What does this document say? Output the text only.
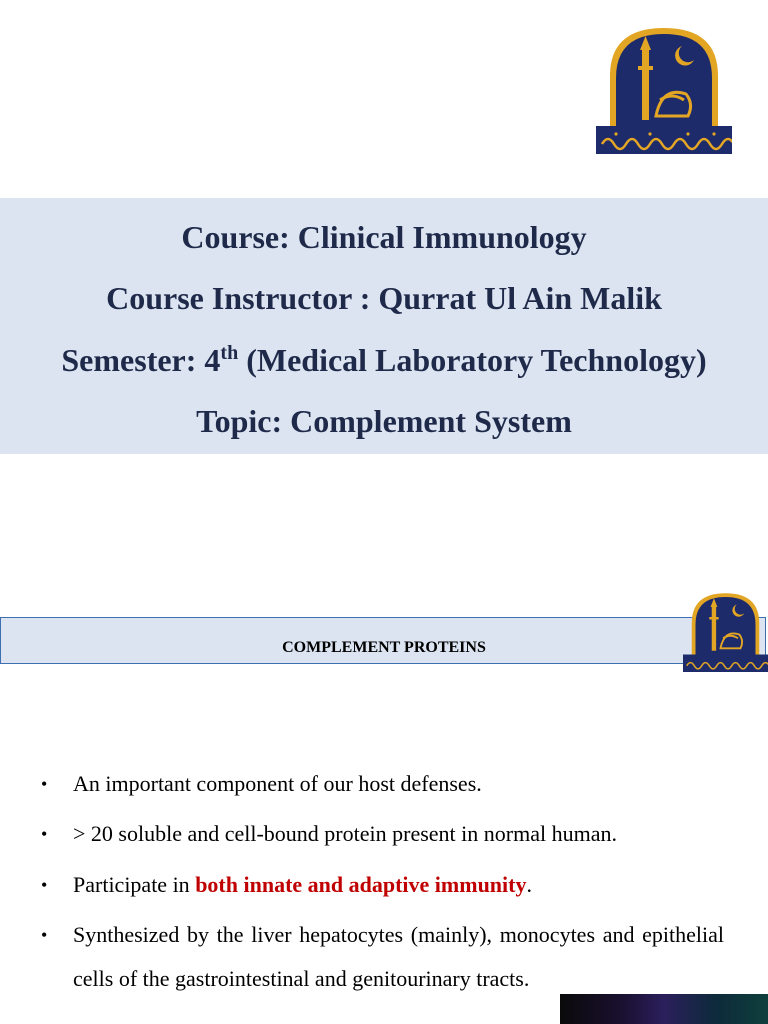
Course: Clinical Immunology
Course Instructor : Qurrat Ul Ain Malik
Semester: 4th (Medical Laboratory Technology)
Topic: Complement System
COMPLEMENT PROTEINS
• An important component of our host defenses.
• > 20 soluble and cell-bound protein present in normal human.
• Participate in both innate and adaptive immunity.
• Synthesized by the liver hepatocytes (mainly), monocytes and epithelial cells of the gastrointestinal and genitourinary tracts.
